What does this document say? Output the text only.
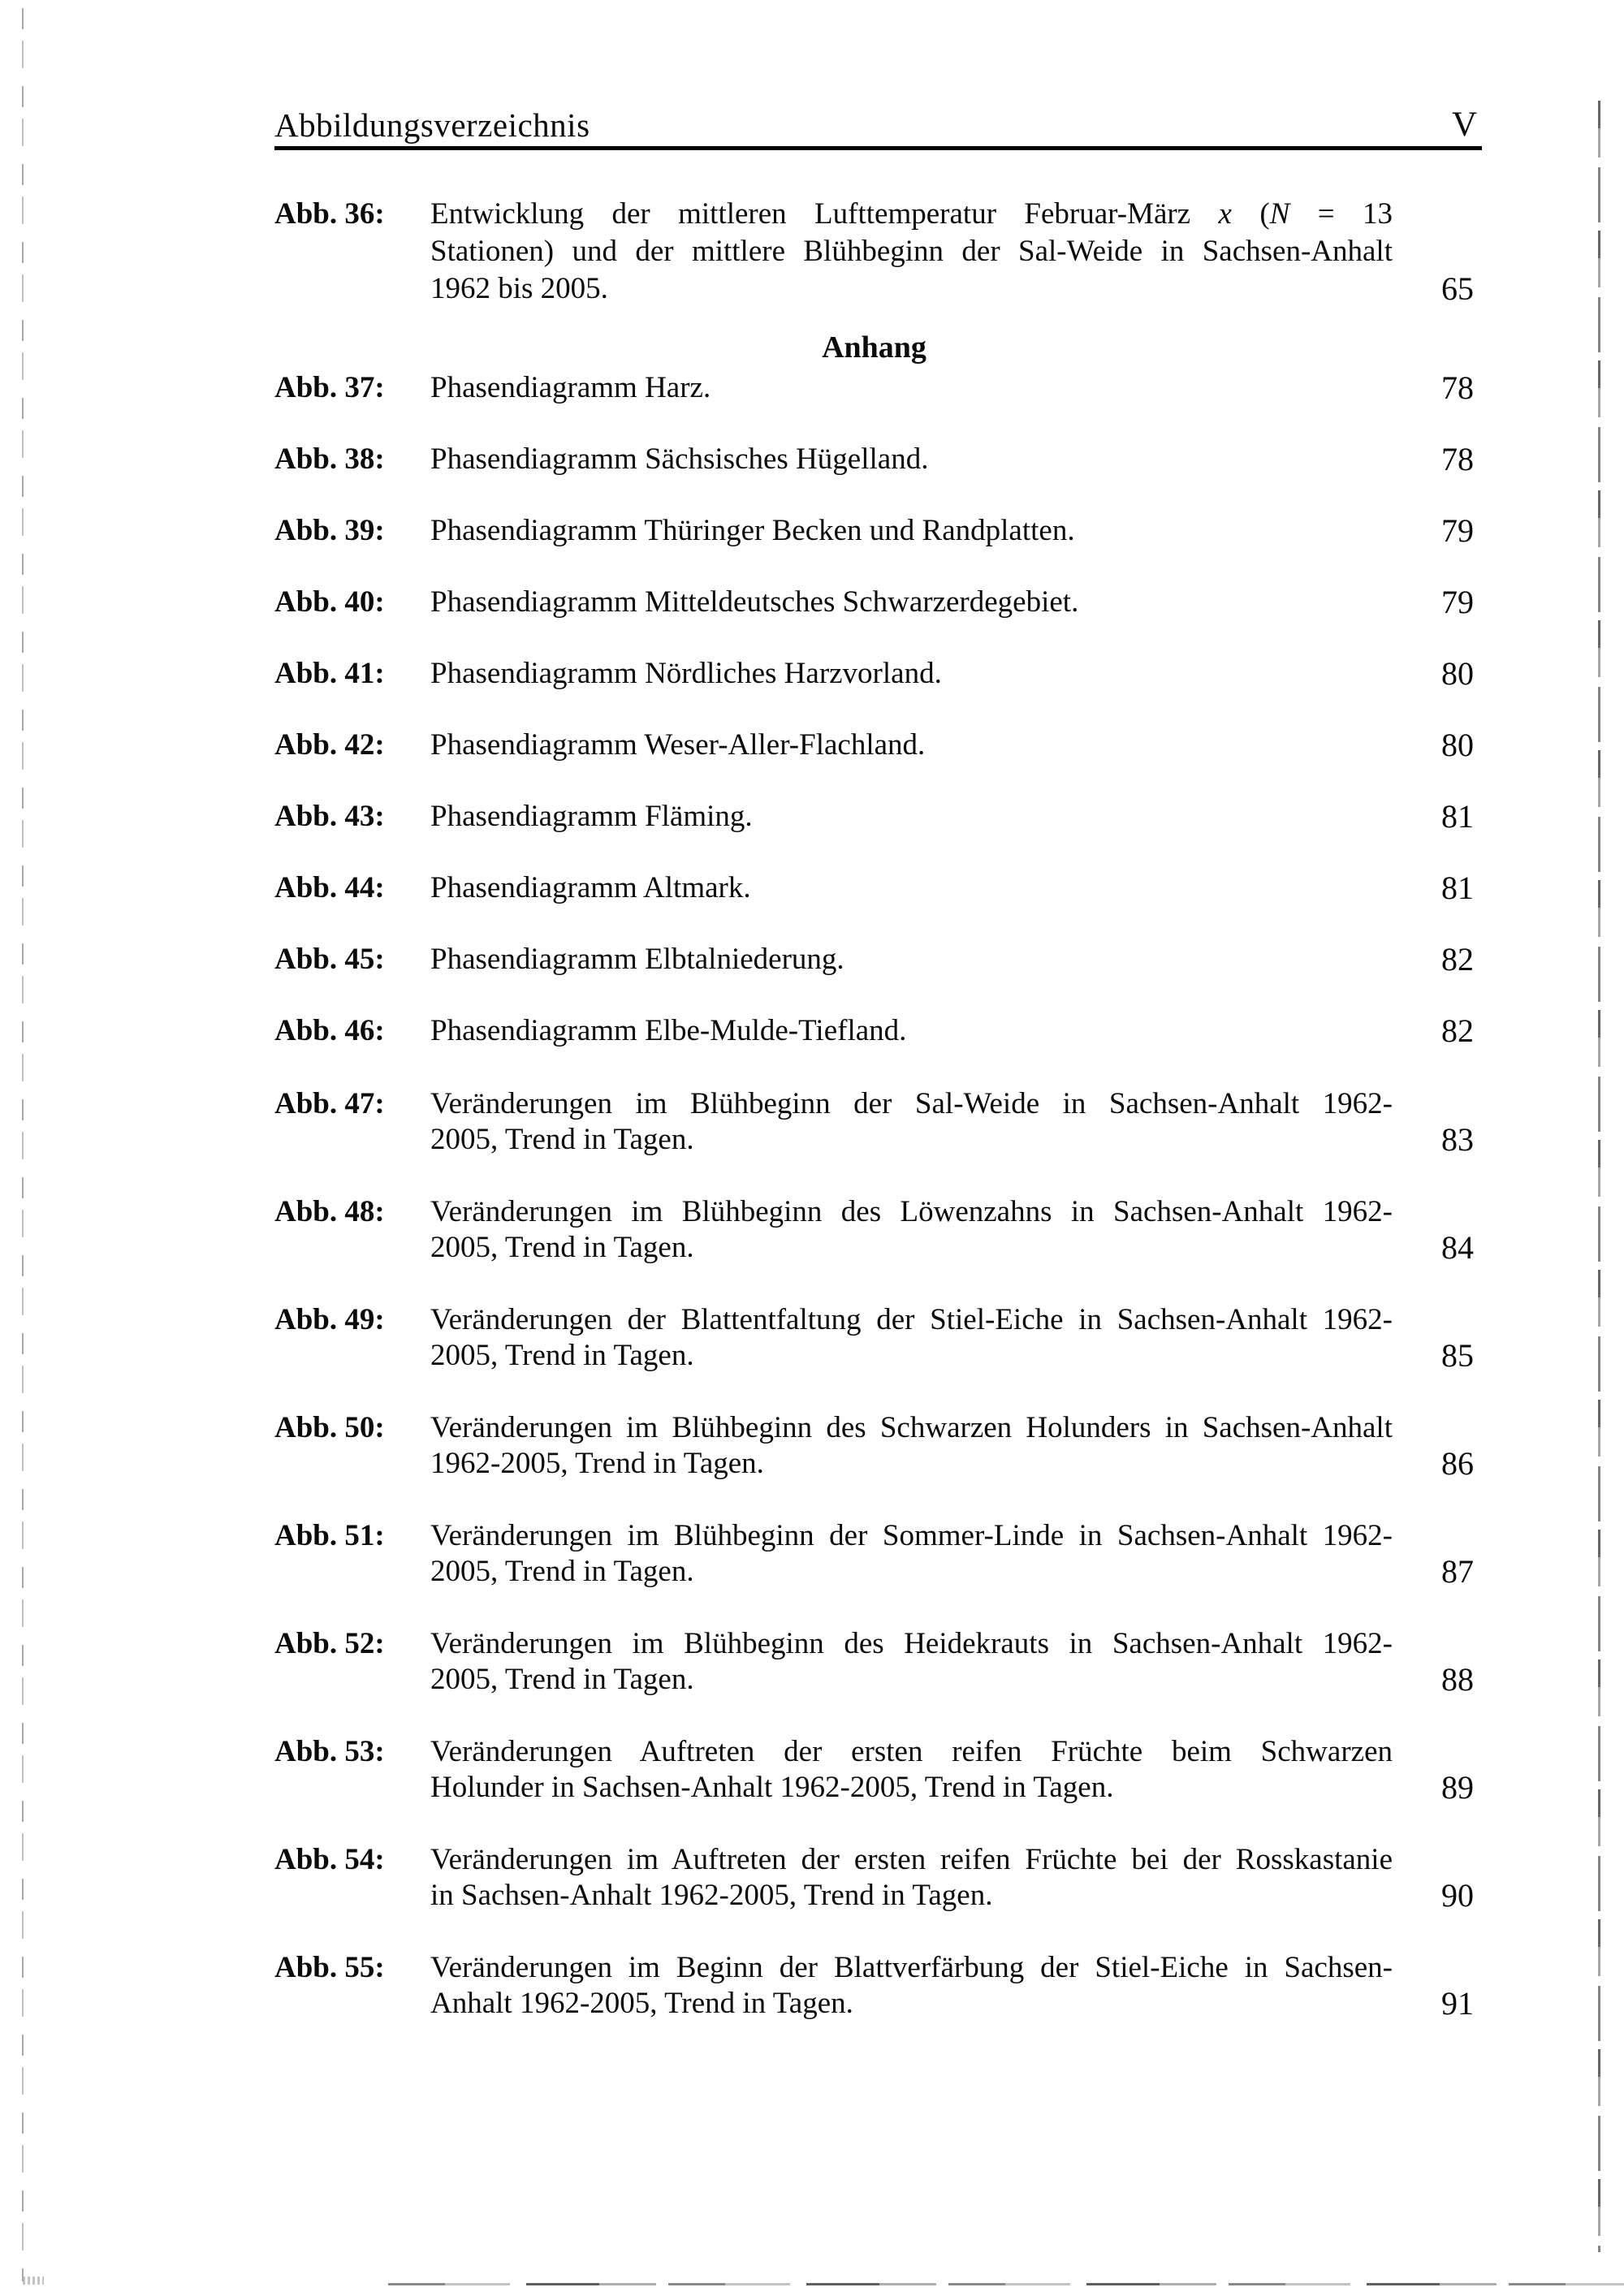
Abbildungsverzeichnis	V
Abb. 36:	Entwicklung der mittleren Lufttemperatur Februar-März x (N = 13
Stationen) und der mittlere Blühbeginn der Sal-Weide in Sachsen-Anhalt
1962 bis 2005.	65
Anhang
Abb. 37:	Phasendiagramm Harz.	78
Abb. 38:	Phasendiagramm Sächsisches Hügelland.	78
Abb. 39:	Phasendiagramm Thüringer Becken und Randplatten.	79
Abb. 40:	Phasendiagramm Mitteldeutsches Schwarzerdegebiet.	79
Abb. 41:	Phasendiagramm Nördliches Harzvorland.	80
Abb. 42:	Phasendiagramm Weser-Aller-Flachland.	80
Abb. 43:	Phasendiagramm Fläming.	81
Abb. 44:	Phasendiagramm Altmark.	81
Abb. 45:	Phasendiagramm Elbtalniederung.	82
Abb. 46:	Phasendiagramm Elbe-Mulde-Tiefland.	82
Abb. 47:	Veränderungen im Blühbeginn der Sal-Weide in Sachsen-Anhalt 1962-
2005, Trend in Tagen.	83
Abb. 48:	Veränderungen im Blühbeginn des Löwenzahns in Sachsen-Anhalt 1962-
2005, Trend in Tagen.	84
Abb. 49:	Veränderungen der Blattentfaltung der Stiel-Eiche in Sachsen-Anhalt 1962-
2005, Trend in Tagen.	85
Abb. 50:	Veränderungen im Blühbeginn des Schwarzen Holunders in Sachsen-Anhalt
1962-2005, Trend in Tagen.	86
Abb. 51:	Veränderungen im Blühbeginn der Sommer-Linde in Sachsen-Anhalt 1962-
2005, Trend in Tagen.	87
Abb. 52:	Veränderungen im Blühbeginn des Heidekrauts in Sachsen-Anhalt 1962-
2005, Trend in Tagen.	88
Abb. 53:	Veränderungen Auftreten der ersten reifen Früchte beim Schwarzen
Holunder in Sachsen-Anhalt 1962-2005, Trend in Tagen.	89
Abb. 54:	Veränderungen im Auftreten der ersten reifen Früchte bei der Rosskastanie
in Sachsen-Anhalt 1962-2005, Trend in Tagen.	90
Abb. 55:	Veränderungen im Beginn der Blattverfärbung der Stiel-Eiche in Sachsen-
Anhalt 1962-2005, Trend in Tagen.	91
